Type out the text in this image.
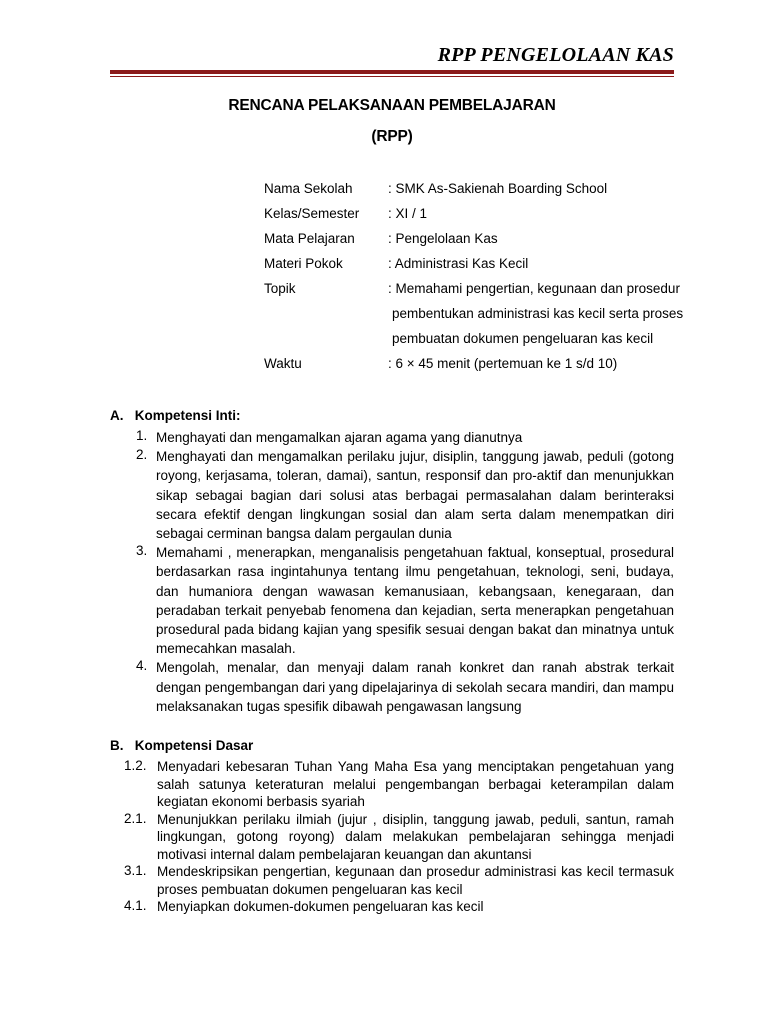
RPP PENGELOLAAN KAS
RENCANA PELAKSANAAN PEMBELAJARAN
(RPP)
Nama Sekolah	: SMK As-Sakienah Boarding School
Kelas/Semester : XI / 1
Mata Pelajaran : Pengelolaan Kas
Materi Pokok	: Administrasi Kas Kecil
Topik	: Memahami pengertian, kegunaan dan prosedur
pembentukan administrasi kas kecil serta proses
pembuatan dokumen pengeluaran kas kecil
Waktu	: 6 × 45 menit (pertemuan ke 1 s/d 10)
A.   Kompetensi Inti:
1. Menghayati dan mengamalkan ajaran agama yang dianutnya
2. Menghayati dan mengamalkan perilaku jujur, disiplin, tanggung jawab, peduli (gotong royong, kerjasama, toleran, damai), santun, responsif dan pro-aktif dan menunjukkan sikap sebagai bagian dari solusi atas berbagai permasalahan dalam berinteraksi secara efektif dengan lingkungan sosial dan alam serta dalam menempatkan diri sebagai cerminan bangsa dalam pergaulan dunia
3. Memahami , menerapkan, menganalisis pengetahuan faktual, konseptual, prosedural berdasarkan rasa ingintahunya tentang ilmu pengetahuan, teknologi, seni, budaya, dan humaniora dengan wawasan kemanusiaan, kebangsaan, kenegaraan, dan peradaban terkait penyebab fenomena dan kejadian, serta menerapkan pengetahuan prosedural pada bidang kajian yang spesifik sesuai dengan bakat dan minatnya untuk memecahkan masalah.
4. Mengolah, menalar, dan menyaji dalam ranah konkret dan ranah abstrak terkait dengan pengembangan dari yang dipelajarinya di sekolah secara mandiri, dan mampu melaksanakan tugas spesifik dibawah pengawasan langsung
B.   Kompetensi Dasar
1.2. Menyadari kebesaran Tuhan Yang Maha Esa yang menciptakan pengetahuan yang salah satunya keteraturan melalui pengembangan berbagai keterampilan dalam kegiatan ekonomi berbasis syariah
2.1. Menunjukkan perilaku ilmiah (jujur , disiplin, tanggung jawab, peduli, santun, ramah lingkungan, gotong royong) dalam melakukan pembelajaran sehingga menjadi motivasi internal dalam pembelajaran keuangan dan akuntansi
3.1. Mendeskripsikan pengertian, kegunaan dan prosedur administrasi kas kecil termasuk proses pembuatan dokumen pengeluaran kas kecil
4.1. Menyiapkan dokumen-dokumen pengeluaran kas kecil
